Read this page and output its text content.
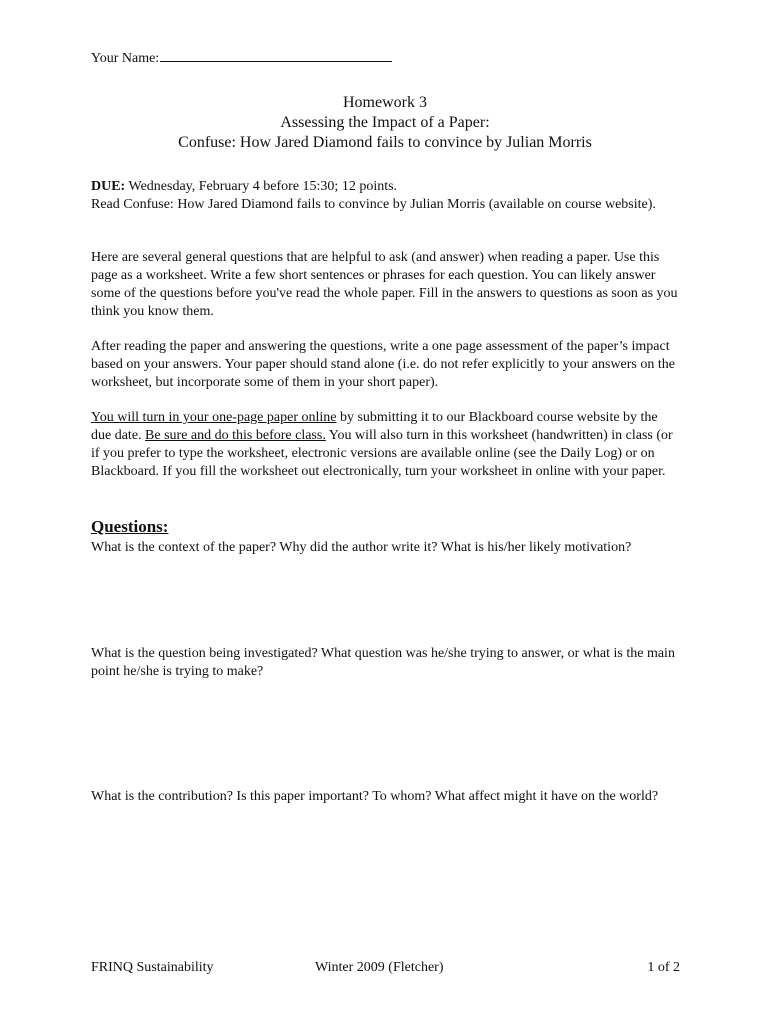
Your Name:
Homework 3
Assessing the Impact of a Paper:
Confuse: How Jared Diamond fails to convince by Julian Morris

DUE: Wednesday, February 4 before 15:30; 12 points.

Read Confuse: How Jared Diamond fails to convince by Julian Morris (available on course website).

Here are several general questions that are helpful to ask (and answer) when reading a paper. Use this page as a worksheet. Write a few short sentences or phrases for each question. You can likely answer some of the questions before you've read the whole paper. Fill in the answers to questions as soon as you think you know them.

After reading the paper and answering the questions, write a one page assessment of the paper’s impact based on your answers. Your paper should stand alone (i.e. do not refer explicitly to your answers on the worksheet, but incorporate some of them in your short paper).

You will turn in your one-page paper online by submitting it to our Blackboard course website by the due date. Be sure and do this before class. You will also turn in this worksheet (handwritten) in class (or if you prefer to type the worksheet, electronic versions are available online (see the Daily Log) or on Blackboard. If you fill the worksheet out electronically, turn your worksheet in online with your paper.

Questions:
What is the context of the paper? Why did the author write it? What is his/her likely motivation?
What is the question being investigated? What question was he/she trying to answer, or what is the main point he/she is trying to make?
What is the contribution? Is this paper important? To whom? What affect might it have on the world?
FRINQ Sustainability	Winter 2009 (Fletcher)	1 of 2
